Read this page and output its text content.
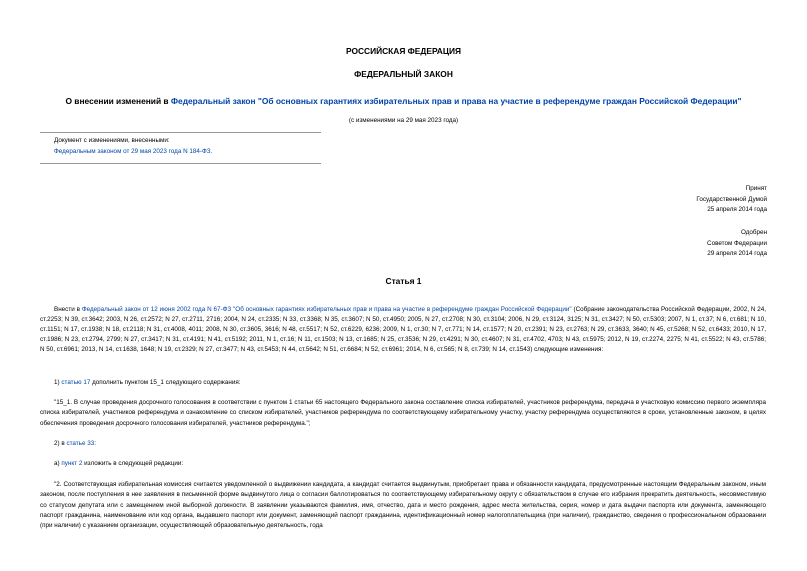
РОССИЙСКАЯ ФЕДЕРАЦИЯ
ФЕДЕРАЛЬНЫЙ ЗАКОН
О внесении изменений в Федеральный закон "Об основных гарантиях избирательных прав и права на участие в референдуме граждан Российской Федерации"
(с изменениями на 29 мая 2023 года)
Документ с изменениями, внесенными:
Федеральным законом от 29 мая 2023 года N 184-ФЗ.
Принят
Государственной Думой
25 апреля 2014 года
Одобрен
Советом Федерации
29 апреля 2014 года
Статья 1
Внести в Федеральный закон от 12 июня 2002 года N 67-ФЗ "Об основных гарантиях избирательных прав и права на участие в референдуме граждан Российской Федерации" (Собрание законодательства Российской Федерации, 2002, N 24, ст.2253; N 39, ст.3642; 2003, N 26, ст.2572; N 27, ст.2711, 2716; 2004, N 24, ст.2335; N 33, ст.3368; N 35, ст.3607; N 50, ст.4950; 2005, N 27, ст.2708; N 30, ст.3104; 2006, N 29, ст.3124, 3125; N 31, ст.3427; N 50, ст.5303; 2007, N 1, ст.37; N 6, ст.681; N 10, ст.1151; N 17, ст.1938; N 18, ст.2118; N 31, ст.4008, 4011; 2008, N 30, ст.3605, 3616; N 48, ст.5517; N 52, ст.6229, 6236; 2009, N 1, ст.30; N 7, ст.771; N 14, ст.1577; N 20, ст.2391; N 23, ст.2763; N 29, ст.3633, 3640; N 45, ст.5268; N 52, ст.6433; 2010, N 17, ст.1986; N 23, ст.2794, 2799; N 27, ст.3417; N 31, ст.4191; N 41, ст.5192; 2011, N 1, ст.16; N 11, ст.1503; N 13, ст.1685; N 25, ст.3536; N 29, ст.4291; N 30, ст.4607; N 31, ст.4702, 4703; N 43, ст.5975; 2012, N 19, ст.2274, 2275; N 41, ст.5522; N 43, ст.5786; N 50, ст.6961; 2013, N 14, ст.1638, 1648; N 19, ст.2329; N 27, ст.3477; N 43, ст.5453; N 44, ст.5642; N 51, ст.6684; N 52, ст.6961; 2014, N 6, ст.565; N 8, ст.739; N 14, ст.1543) следующие изменения:
1) статью 17 дополнить пунктом 15_1 следующего содержания:
"15_1. В случае проведения досрочного голосования в соответствии с пунктом 1 статьи 65 настоящего Федерального закона составление списка избирателей, участников референдума, передача в участковую комиссию первого экземпляра списка избирателей, участников референдума и ознакомление со списком избирателей, участников референдума по соответствующему избирательному участку, участку референдума осуществляются в сроки, установленные законом, в целях обеспечения проведения досрочного голосования избирателей, участников референдума.";
2) в статье 33:
а) пункт 2 изложить в следующей редакции:
"2. Соответствующая избирательная комиссия считается уведомленной о выдвижении кандидата, а кандидат считается выдвинутым, приобретает права и обязанности кандидата, предусмотренные настоящим Федеральным законом, иным законом, после поступления в нее заявления в письменной форме выдвинутого лица о согласии баллотироваться по соответствующему избирательному округу с обязательством в случае его избрания прекратить деятельность, несовместимую со статусом депутата или с замещением иной выборной должности. В заявлении указываются фамилия, имя, отчество, дата и место рождения, адрес места жительства, серия, номер и дата выдачи паспорта или документа, заменяющего паспорт гражданина, наименование или код органа, выдавшего паспорт или документ, заменяющий паспорт гражданина, идентификационный номер налогоплательщика (при наличии), гражданство, сведения о профессиональном образовании (при наличии) с указанием организации, осуществляющей образовательную деятельность, года
